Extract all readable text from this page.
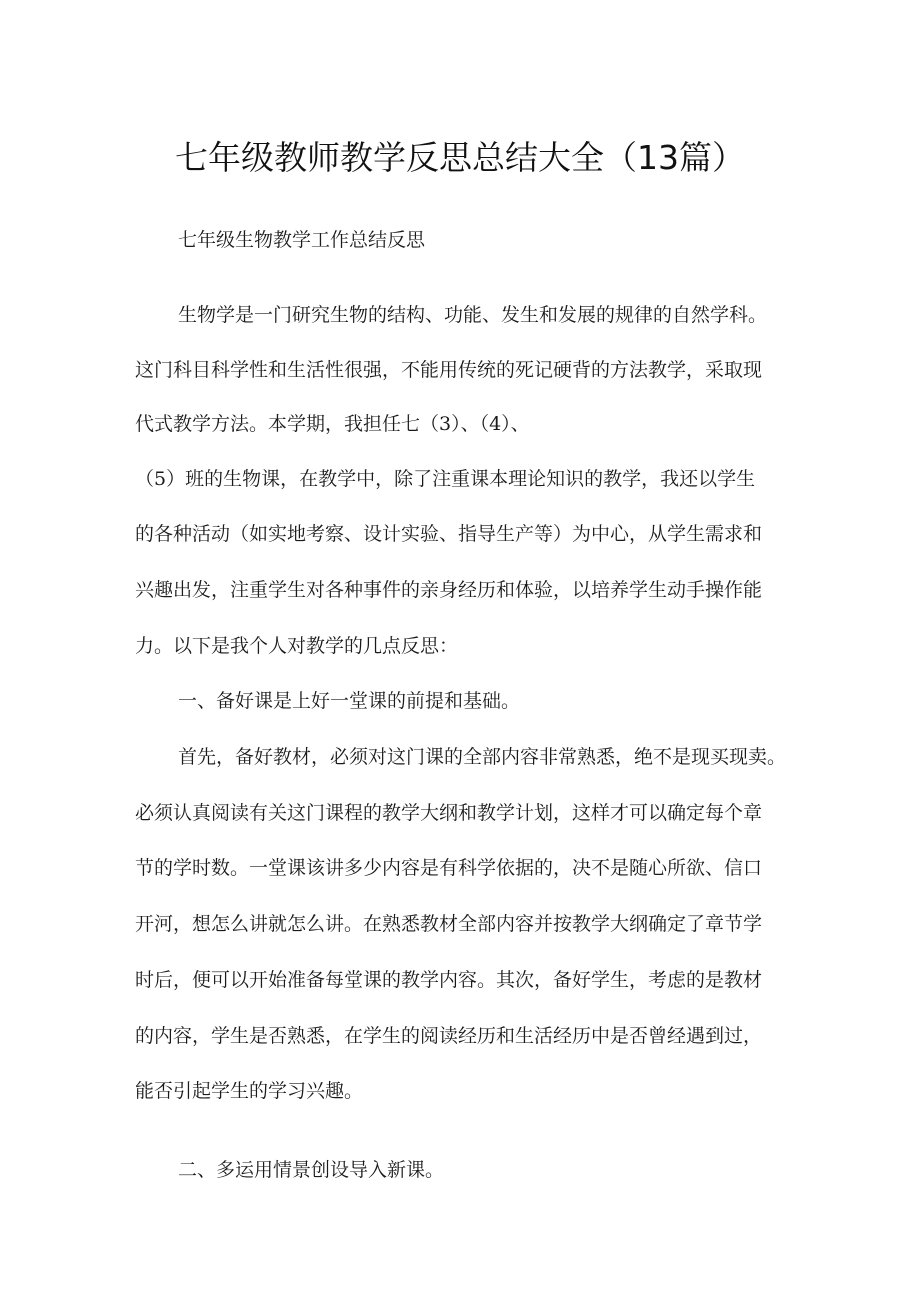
七年级教师教学反思总结大全（13篇）
七年级生物教学工作总结反思
生物学是一门研究生物的结构、功能、发生和发展的规律的自然学科。
这门科目科学性和生活性很强，不能用传统的死记硬背的方法教学，采取现
代式教学方法。本学期，我担任七（3）、（4）、
（5）班的生物课，在教学中，除了注重课本理论知识的教学，我还以学生
的各种活动（如实地考察、设计实验、指导生产等）为中心，从学生需求和
兴趣出发，注重学生对各种事件的亲身经历和体验，以培养学生动手操作能
力。以下是我个人对教学的几点反思：
一、备好课是上好一堂课的前提和基础。
首先，备好教材，必须对这门课的全部内容非常熟悉，绝不是现买现卖。
必须认真阅读有关这门课程的教学大纲和教学计划，这样才可以确定每个章
节的学时数。一堂课该讲多少内容是有科学依据的，决不是随心所欲、信口
开河，想怎么讲就怎么讲。在熟悉教材全部内容并按教学大纲确定了章节学
时后，便可以开始准备每堂课的教学内容。其次，备好学生，考虑的是教材
的内容，学生是否熟悉，在学生的阅读经历和生活经历中是否曾经遇到过，
能否引起学生的学习兴趣。
二、多运用情景创设导入新课。
